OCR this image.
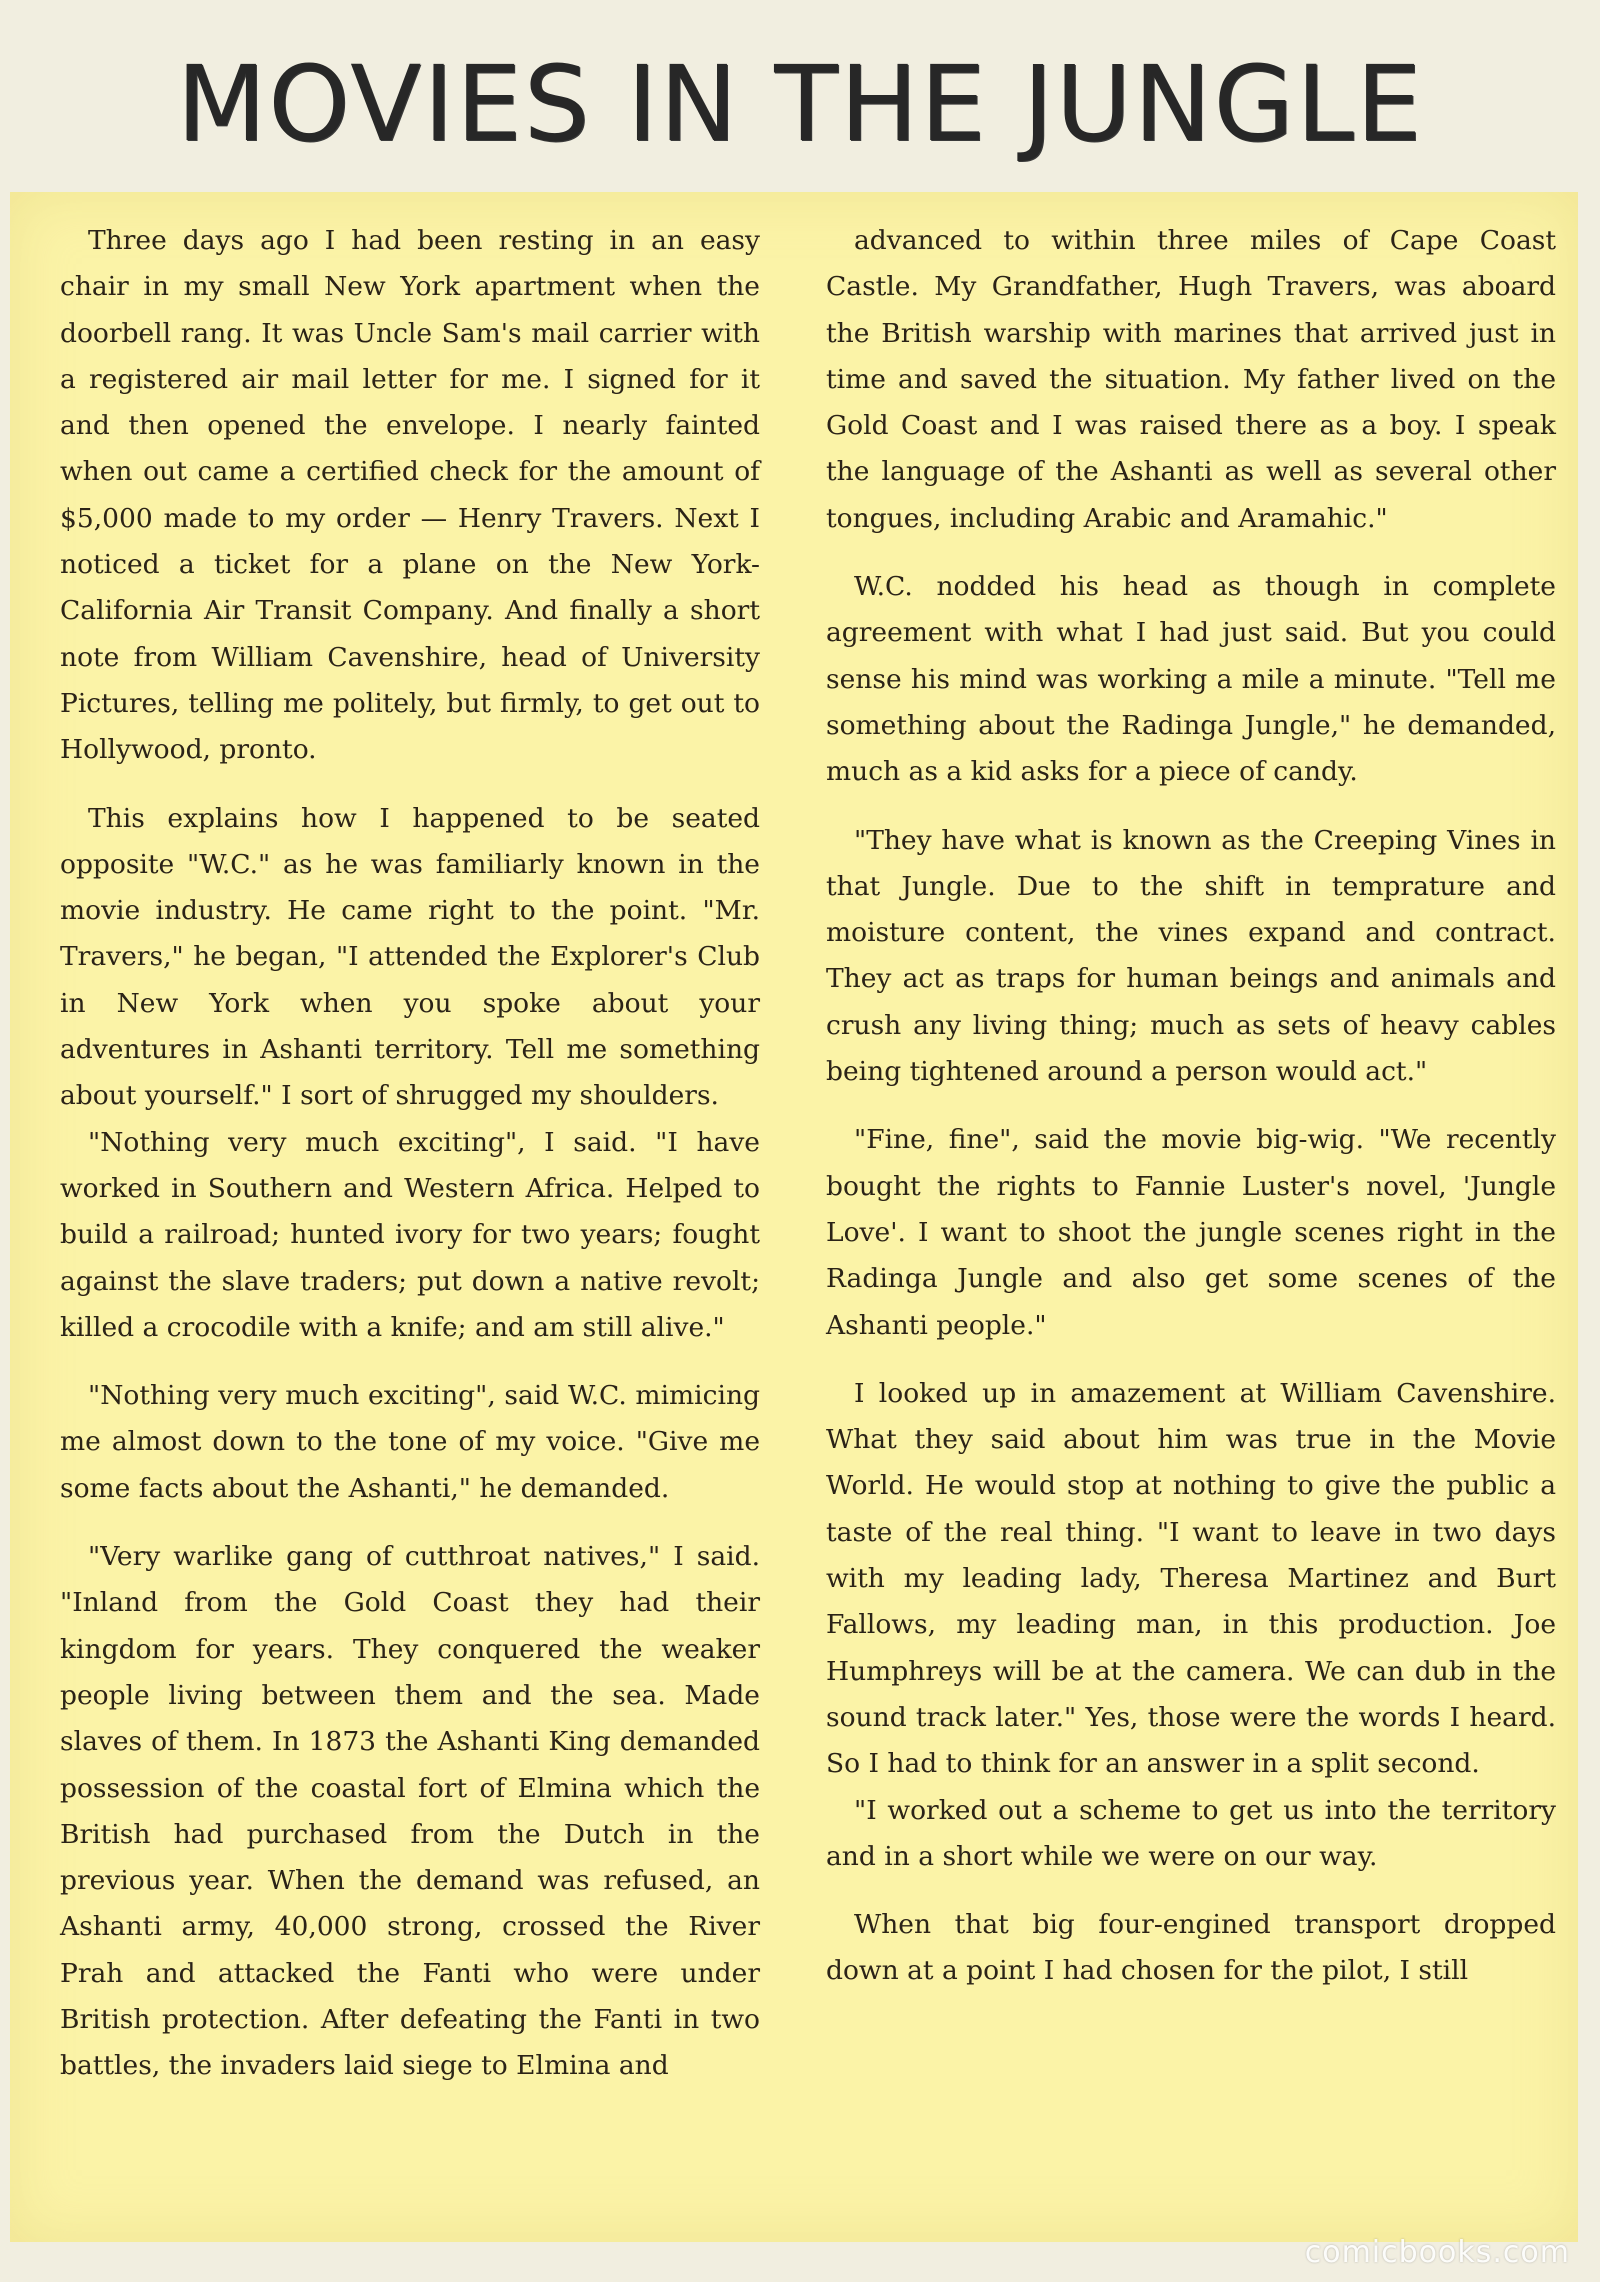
MOVIES IN THE JUNGLE

Three days ago I had been resting in an easy chair in my small New York apartment when the doorbell rang. It was Uncle Sam's mail carrier with a registered air mail letter for me. I signed for it and then opened the envelope. I nearly fainted when out came a certified check for the amount of $5,000 made to my order — Henry Travers. Next I noticed a ticket for a plane on the New York-California Air Transit Company. And finally a short note from William Cavenshire, head of University Pictures, telling me politely, but firmly, to get out to Hollywood, pronto.

This explains how I happened to be seated opposite "W.C." as he was familiarly known in the movie industry. He came right to the point. "Mr. Travers," he began, "I attended the Explorer's Club in New York when you spoke about your adventures in Ashanti territory. Tell me something about yourself." I sort of shrugged my shoulders.

"Nothing very much exciting", I said. "I have worked in Southern and Western Africa. Helped to build a railroad; hunted ivory for two years; fought against the slave traders; put down a native revolt; killed a crocodile with a knife; and am still alive."

"Nothing very much exciting", said W.C. mimicing me almost down to the tone of my voice. "Give me some facts about the Ashanti," he demanded.

"Very warlike gang of cutthroat natives," I said. "Inland from the Gold Coast they had their kingdom for years. They conquered the weaker people living between them and the sea. Made slaves of them. In 1873 the Ashanti King demanded possession of the coastal fort of Elmina which the British had purchased from the Dutch in the previous year. When the demand was refused, an Ashanti army, 40,000 strong, crossed the River Prah and attacked the Fanti who were under British protection. After defeating the Fanti in two battles, the invaders laid siege to Elmina and

advanced to within three miles of Cape Coast Castle. My Grandfather, Hugh Travers, was aboard the British warship with marines that arrived just in time and saved the situation. My father lived on the Gold Coast and I was raised there as a boy. I speak the language of the Ashanti as well as several other tongues, including Arabic and Aramahic."

W.C. nodded his head as though in complete agreement with what I had just said. But you could sense his mind was working a mile a minute. "Tell me something about the Radinga Jungle," he demanded, much as a kid asks for a piece of candy.

"They have what is known as the Creeping Vines in that Jungle. Due to the shift in temprature and moisture content, the vines expand and contract. They act as traps for human beings and animals and crush any living thing; much as sets of heavy cables being tightened around a person would act."

"Fine, fine", said the movie big-wig. "We recently bought the rights to Fannie Luster's novel, 'Jungle Love'. I want to shoot the jungle scenes right in the Radinga Jungle and also get some scenes of the Ashanti people."

I looked up in amazement at William Cavenshire. What they said about him was true in the Movie World. He would stop at nothing to give the public a taste of the real thing. "I want to leave in two days with my leading lady, Theresa Martinez and Burt Fallows, my leading man, in this production. Joe Humphreys will be at the camera. We can dub in the sound track later." Yes, those were the words I heard. So I had to think for an answer in a split second.

"I worked out a scheme to get us into the territory and in a short while we were on our way.

When that big four-engined transport dropped down at a point I had chosen for the pilot, I still

comicbooks.com
